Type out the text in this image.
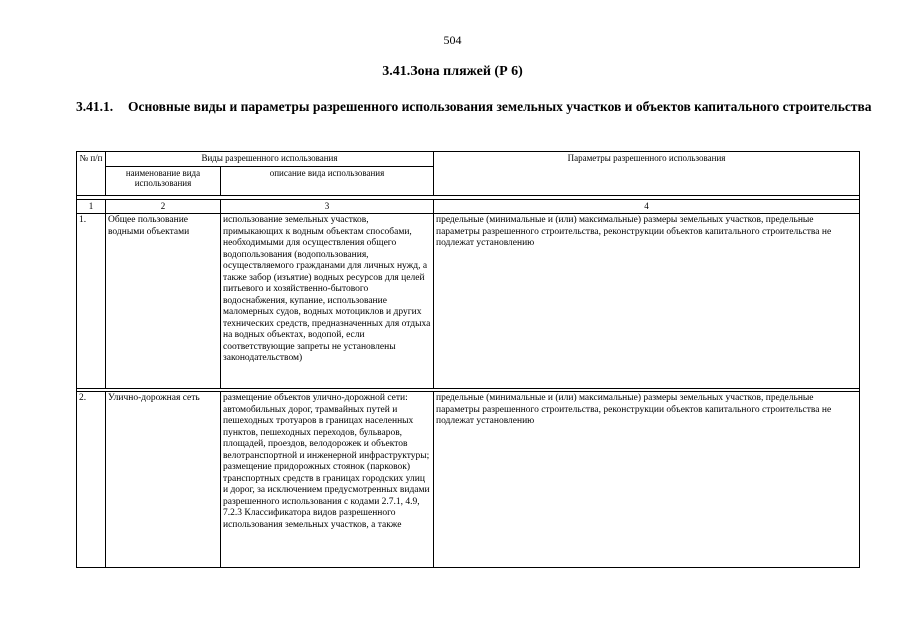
504
3.41.Зона пляжей (Р 6)
3.41.1. Основные виды и параметры разрешенного использования земельных участков и объектов капитального строительства
№ п/п	Виды разрешенного использования		Параметры разрешенного использования
	наименование вида использования	описание вида использования	

1	2	3	4
1.	Общее пользование водными объектами	использование земельных участков, примыкающих к водным объектам способами, необходимыми для осуществления общего водопользования (водопользования, осуществляемого гражданами для личных нужд, а также забор (изъятие) водных ресурсов для целей питьевого и хозяйственно-бытового водоснабжения, купание, использование маломерных судов, водных мотоциклов и других технических средств, предназначенных для отдыха на водных объектах, водопой, если соответствующие запреты не установлены законодательством)	предельные (минимальные и (или) максимальные) размеры земельных участков, предельные параметры разрешенного строительства, реконструкции объектов капитального строительства не подлежат установлению

2.	Улично-дорожная сеть	размещение объектов улично-дорожной сети: автомобильных дорог, трамвайных путей и пешеходных тротуаров в границах населенных пунктов, пешеходных переходов, бульваров, площадей, проездов, велодорожек и объектов велотранспортной и инженерной инфраструктуры; размещение придорожных стоянок (парковок) транспортных средств в границах городских улиц и дорог, за исключением предусмотренных видами разрешенного использования с кодами 2.7.1, 4.9, 7.2.3 Классификатора видов разрешенного использования земельных участков, а также	предельные (минимальные и (или) максимальные) размеры земельных участков, предельные параметры разрешенного строительства, реконструкции объектов капитального строительства не подлежат установлению
